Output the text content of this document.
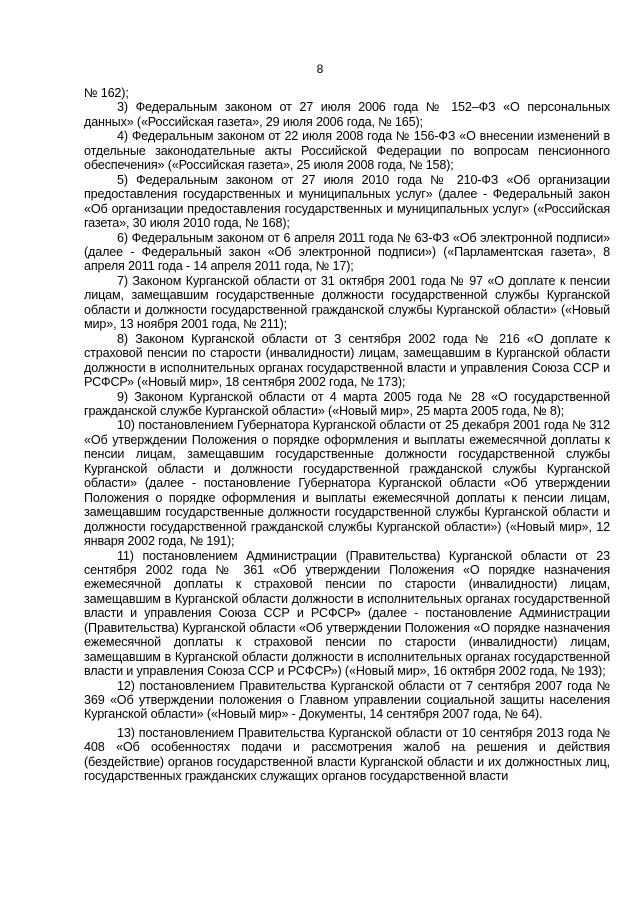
8

№ 162);

3) Федеральным законом от 27 июля 2006 года № 152–ФЗ «О персональных данных» («Российская газета», 29 июля 2006 года, № 165);

4) Федеральным законом от 22 июля 2008 года № 156-ФЗ «О внесении изменений в отдельные законодательные акты Российской Федерации по вопросам пенсионного обеспечения» («Российская газета», 25 июля 2008 года, № 158);

5) Федеральным законом от 27 июля 2010 года № 210-ФЗ «Об организации предоставления государственных и муниципальных услуг» (далее - Федеральный закон «Об организации предоставления государственных и муниципальных услуг» («Российская газета», 30 июля 2010 года, № 168);

6) Федеральным законом от 6 апреля 2011 года № 63-ФЗ «Об электронной подписи» (далее - Федеральный закон «Об электронной подписи») («Парламентская газета», 8 апреля 2011 года - 14 апреля 2011 года, № 17);

7) Законом Курганской области от 31 октября 2001 года № 97 «О доплате к пенсии лицам, замещавшим государственные должности государственной службы Курганской области и должности государственной гражданской службы Курганской области» («Новый мир», 13 ноября 2001 года, № 211);

8) Законом Курганской области от 3 сентября 2002 года № 216 «О доплате к страховой пенсии по старости (инвалидности) лицам, замещавшим в Курганской области должности в исполнительных органах государственной власти и управления Союза ССР и РСФСР» («Новый мир», 18 сентября 2002 года, № 173);

9) Законом Курганской области от 4 марта 2005 года № 28 «О государственной гражданской службе Курганской области» («Новый мир», 25 марта 2005 года, № 8);

10) постановлением Губернатора Курганской области от 25 декабря 2001 года № 312 «Об утверждении Положения о порядке оформления и выплаты ежемесячной доплаты к пенсии лицам, замещавшим государственные должности государственной службы Курганской области и должности государственной гражданской службы Курганской области» (далее - постановление Губернатора Курганской области «Об утверждении Положения о порядке оформления и выплаты ежемесячной доплаты к пенсии лицам, замещавшим государственные должности государственной службы Курганской области и должности государственной гражданской службы Курганской области») («Новый мир», 12 января 2002 года, № 191);

11) постановлением Администрации (Правительства) Курганской области от 23 сентября 2002 года № 361 «Об утверждении Положения «О порядке назначения ежемесячной доплаты к страховой пенсии по старости (инвалидности) лицам, замещавшим в Курганской области должности в исполнительных органах государственной власти и управления Союза ССР и РСФСР» (далее - постановление Администрации (Правительства) Курганской области «Об утверждении Положения «О порядке назначения ежемесячной доплаты к страховой пенсии по старости (инвалидности) лицам, замещавшим в Курганской области должности в исполнительных органах государственной власти и управления Союза ССР и РСФСР») («Новый мир», 16 октября 2002 года, № 193);

12) постановлением Правительства Курганской области от 7 сентября 2007 года № 369 «Об утверждении положения о Главном управлении социальной защиты населения Курганской области» («Новый мир» - Документы, 14 сентября 2007 года, № 64).

13) постановлением Правительства Курганской области от 10 сентября 2013 года № 408 «Об особенностях подачи и рассмотрения жалоб на решения и действия (бездействие) органов государственной власти Курганской области и их должностных лиц, государственных гражданских служащих органов государственной власти
